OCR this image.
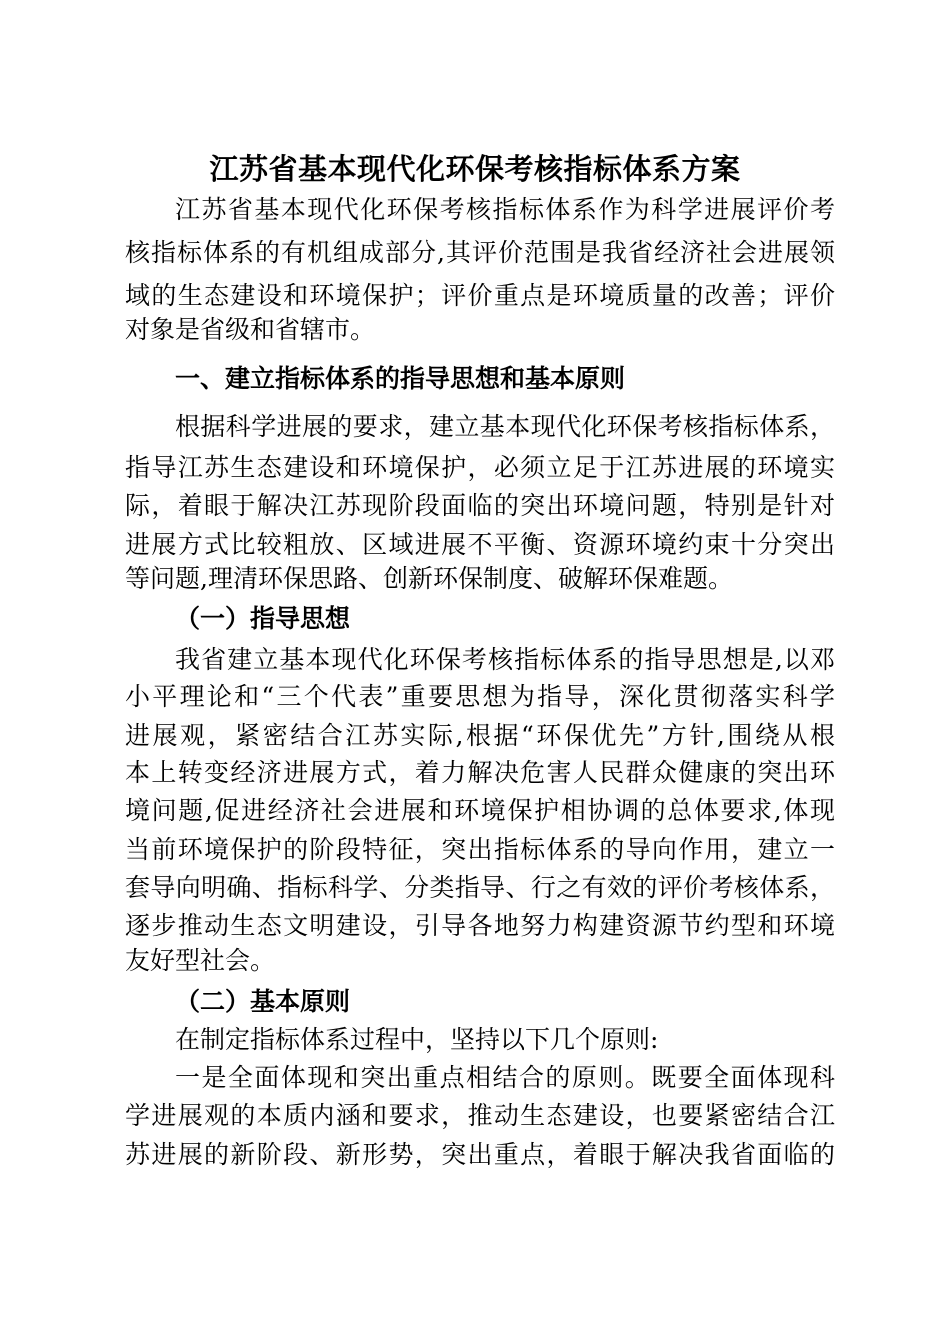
江苏省基本现代化环保考核指标体系方案
江苏省基本现代化环保考核指标体系作为科学进展评价考
核指标体系的有机组成部分,其评价范围是我省经济社会进展领
域的生态建设和环境保护；评价重点是环境质量的改善；评价
对象是省级和省辖市。
一、建立指标体系的指导思想和基本原则
根据科学进展的要求，建立基本现代化环保考核指标体系，
指导江苏生态建设和环境保护，必须立足于江苏进展的环境实
际，着眼于解决江苏现阶段面临的突出环境问题，特别是针对
进展方式比较粗放、区域进展不平衡、资源环境约束十分突出
等问题,理清环保思路、创新环保制度、破解环保难题。
（一）指导思想
我省建立基本现代化环保考核指标体系的指导思想是,以邓
小平理论和“三个代表”重要思想为指导，深化贯彻落实科学
进展观，紧密结合江苏实际,根据“环保优先”方针,围绕从根
本上转变经济进展方式，着力解决危害人民群众健康的突出环
境问题,促进经济社会进展和环境保护相协调的总体要求,体现
当前环境保护的阶段特征，突出指标体系的导向作用，建立一
套导向明确、指标科学、分类指导、行之有效的评价考核体系，
逐步推动生态文明建设，引导各地努力构建资源节约型和环境
友好型社会。
（二）基本原则
在制定指标体系过程中，坚持以下几个原则:
一是全面体现和突出重点相结合的原则。既要全面体现科
学进展观的本质内涵和要求，推动生态建设，也要紧密结合江
苏进展的新阶段、新形势，突出重点，着眼于解决我省面临的
